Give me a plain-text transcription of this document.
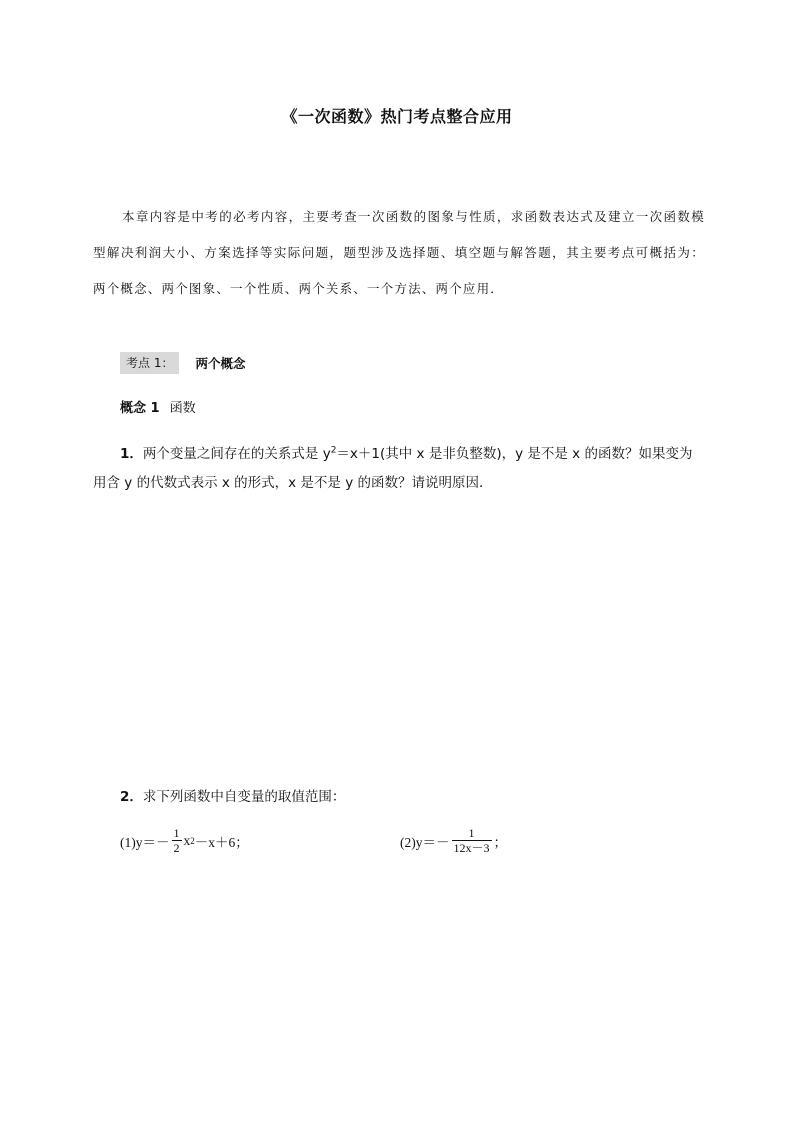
《一次函数》热门考点整合应用
本章内容是中考的必考内容，主要考查一次函数的图象与性质，求函数表达式及建立一次函数模型解决利润大小、方案选择等实际问题，题型涉及选择题、填空题与解答题，其主要考点可概括为：两个概念、两个图象、一个性质、两个关系、一个方法、两个应用．
考点 1：	两个概念
概念 1 函数
1．两个变量之间存在的关系式是 $y^2=x+1$(其中 x 是非负整数)，y 是不是 x 的函数？如果变为用含 y 的代数式表示 x 的形式，x 是不是 y 的函数？请说明原因．
2．求下列函数中自变量的取值范围：
$(1)y=- \frac{1}{2}$ x 2 －x＋6；	$(2)y=- \frac{1}{12x-3}$ ；
